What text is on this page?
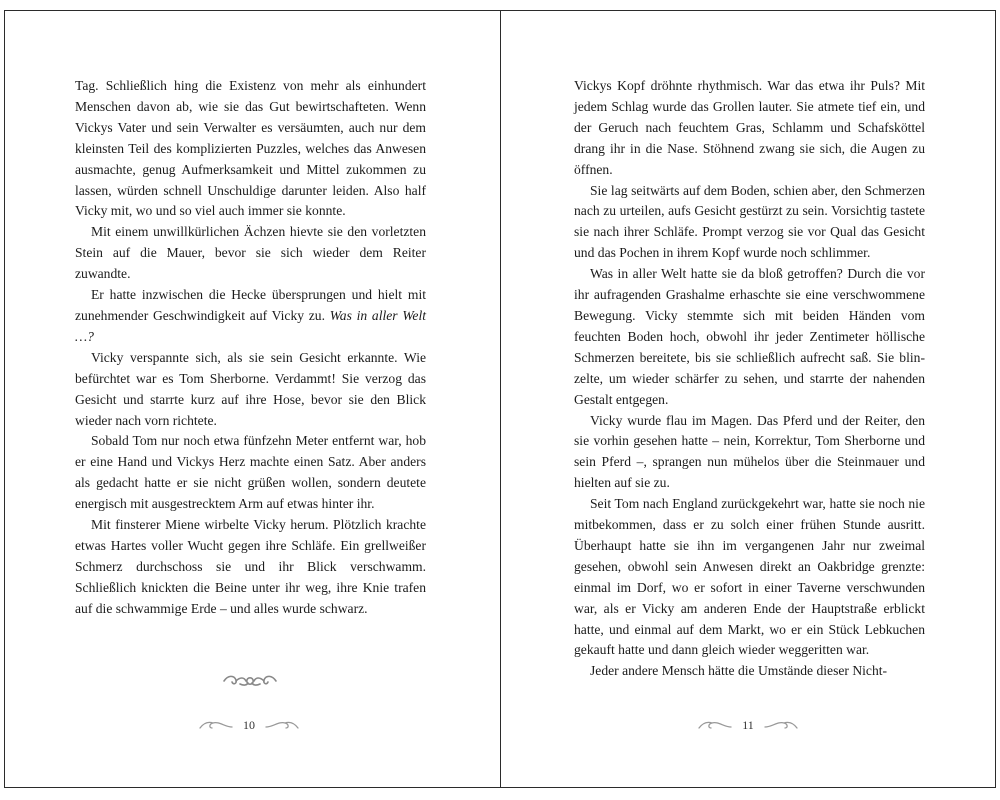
Tag. Schließlich hing die Existenz von mehr als einhundert Menschen davon ab, wie sie das Gut bewirtschafteten. Wenn Vickys Vater und sein Verwalter es versäumten, auch nur dem kleinsten Teil des komplizierten Puzzles, welches das Anwesen ausmachte, genug Aufmerksamkeit und Mittel zukommen zu lassen, würden schnell Unschuldige darunter leiden. Also half Vicky mit, wo und so viel auch immer sie konnte.

Mit einem unwillkürlichen Ächzen hievte sie den vorletzten Stein auf die Mauer, bevor sie sich wieder dem Reiter zuwandte.

Er hatte inzwischen die Hecke übersprungen und hielt mit zunehmender Geschwindigkeit auf Vicky zu. Was in aller Welt …?

Vicky verspannte sich, als sie sein Gesicht erkannte. Wie befürchtet war es Tom Sherborne. Verdammt! Sie verzog das Gesicht und starrte kurz auf ihre Hose, bevor sie den Blick wieder nach vorn richtete.

Sobald Tom nur noch etwa fünfzehn Meter entfernt war, hob er eine Hand und Vickys Herz machte einen Satz. Aber anders als gedacht hatte er sie nicht grüßen wollen, sondern deutete energisch mit ausgestrecktem Arm auf etwas hinter ihr.

Mit finsterer Miene wirbelte Vicky herum. Plötzlich krachte etwas Hartes voller Wucht gegen ihre Schläfe. Ein grellweißer Schmerz durchschoss sie und ihr Blick verschwamm. Schließlich knickten die Beine unter ihr weg, ihre Knie trafen auf die schwammige Erde – und alles wurde schwarz.

Vickys Kopf dröhnte rhythmisch. War das etwa ihr Puls? Mit jedem Schlag wurde das Grollen lauter. Sie atmete tief ein, und der Geruch nach feuchtem Gras, Schlamm und Schafsköttel drang ihr in die Nase. Stöhnend zwang sie sich, die Augen zu öffnen.

Sie lag seitwärts auf dem Boden, schien aber, den Schmerzen nach zu urteilen, aufs Gesicht gestürzt zu sein. Vorsichtig tastete sie nach ihrer Schläfe. Prompt verzog sie vor Qual das Gesicht und das Pochen in ihrem Kopf wurde noch schlimmer.

Was in aller Welt hatte sie da bloß getroffen? Durch die vor ihr aufragenden Grashalme erhaschte sie eine verschwommene Bewegung. Vicky stemmte sich mit beiden Händen vom feuchten Boden hoch, obwohl ihr jeder Zentimeter höllische Schmerzen bereitete, bis sie schließlich aufrecht saß. Sie blinzelte, um wieder schärfer zu sehen, und starrte der nahenden Gestalt entgegen.

Vicky wurde flau im Magen. Das Pferd und der Reiter, den sie vorhin gesehen hatte – nein, Korrektur, Tom Sherborne und sein Pferd –, sprangen nun mühelos über die Steinmauer und hielten auf sie zu.

Seit Tom nach England zurückgekehrt war, hatte sie noch nie mitbekommen, dass er zu solch einer frühen Stunde ausritt. Überhaupt hatte sie ihn im vergangenen Jahr nur zweimal gesehen, obwohl sein Anwesen direkt an Oakbridge grenzte: einmal im Dorf, wo er sofort in einer Taverne verschwunden war, als er Vicky am anderen Ende der Hauptstraße erblickt hatte, und einmal auf dem Markt, wo er ein Stück Lebkuchen gekauft hatte und dann gleich wieder weggeritten war.

Jeder andere Mensch hätte die Umstände dieser Nicht-

10	11
